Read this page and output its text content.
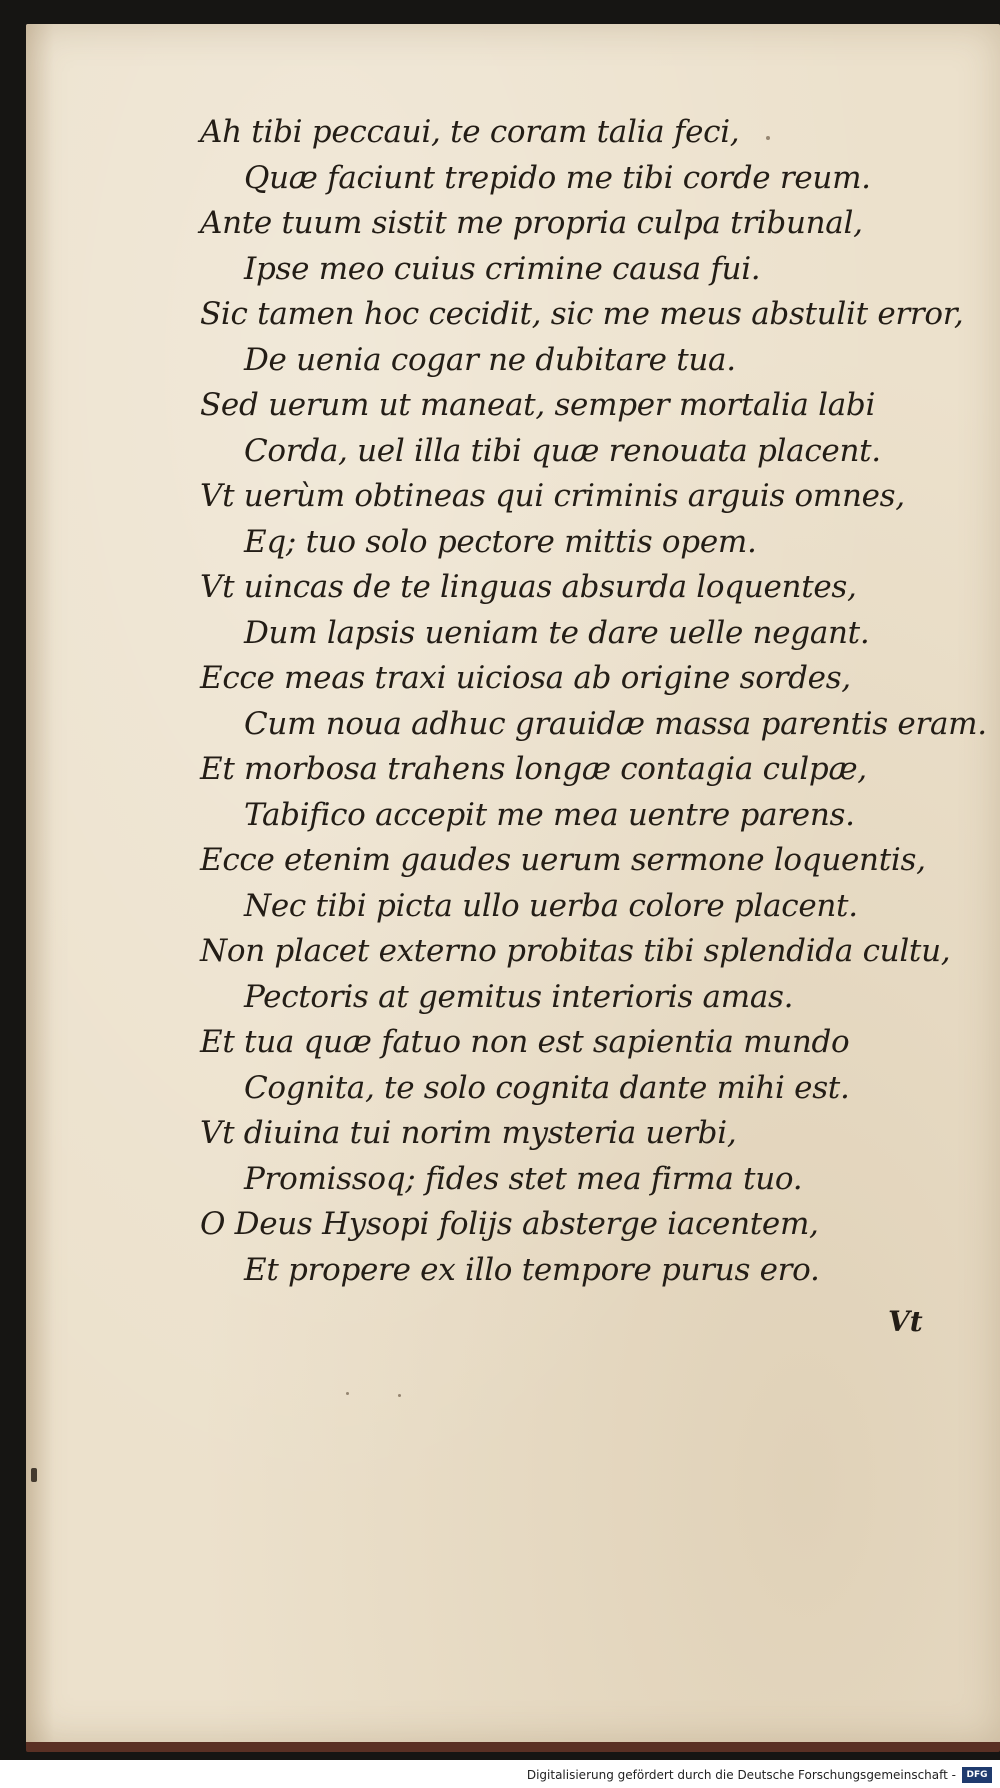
Ah tibi peccaui, te coram talia feci,
Quæ faciunt trepido me tibi corde reum.
Ante tuum sistit me propria culpa tribunal,
Ipse meo cuius crimine causa fui.
Sic tamen hoc cecidit, sic me meus abstulit error,
De uenia cogar ne dubitare tua.
Sed uerum ut maneat, semper mortalia labi
Corda, uel illa tibi quæ renouata placent.
Vt uerùm obtineas qui criminis arguis omnes,
Eq; tuo solo pectore mittis opem.
Vt uincas de te linguas absurda loquentes,
Dum lapsis ueniam te dare uelle negant.
Ecce meas traxi uiciosa ab origine sordes,
Cum noua adhuc grauidæ massa parentis eram.
Et morbosa trahens longæ contagia culpæ,
Tabifico accepit me mea uentre parens.
Ecce etenim gaudes uerum sermone loquentis,
Nec tibi picta ullo uerba colore placent.
Non placet externo probitas tibi splendida cultu,
Pectoris at gemitus interioris amas.
Et tua quæ fatuo non est sapientia mundo
Cognita, te solo cognita dante mihi est.
Vt diuina tui norim mysteria uerbi,
Promissoq; fides stet mea firma tuo.
O Deus Hysopi folijs absterge iacentem,
Et propere ex illo tempore purus ero.
Vt
Digitalisierung gefördert durch die Deutsche Forschungsgemeinschaft -	DFG
